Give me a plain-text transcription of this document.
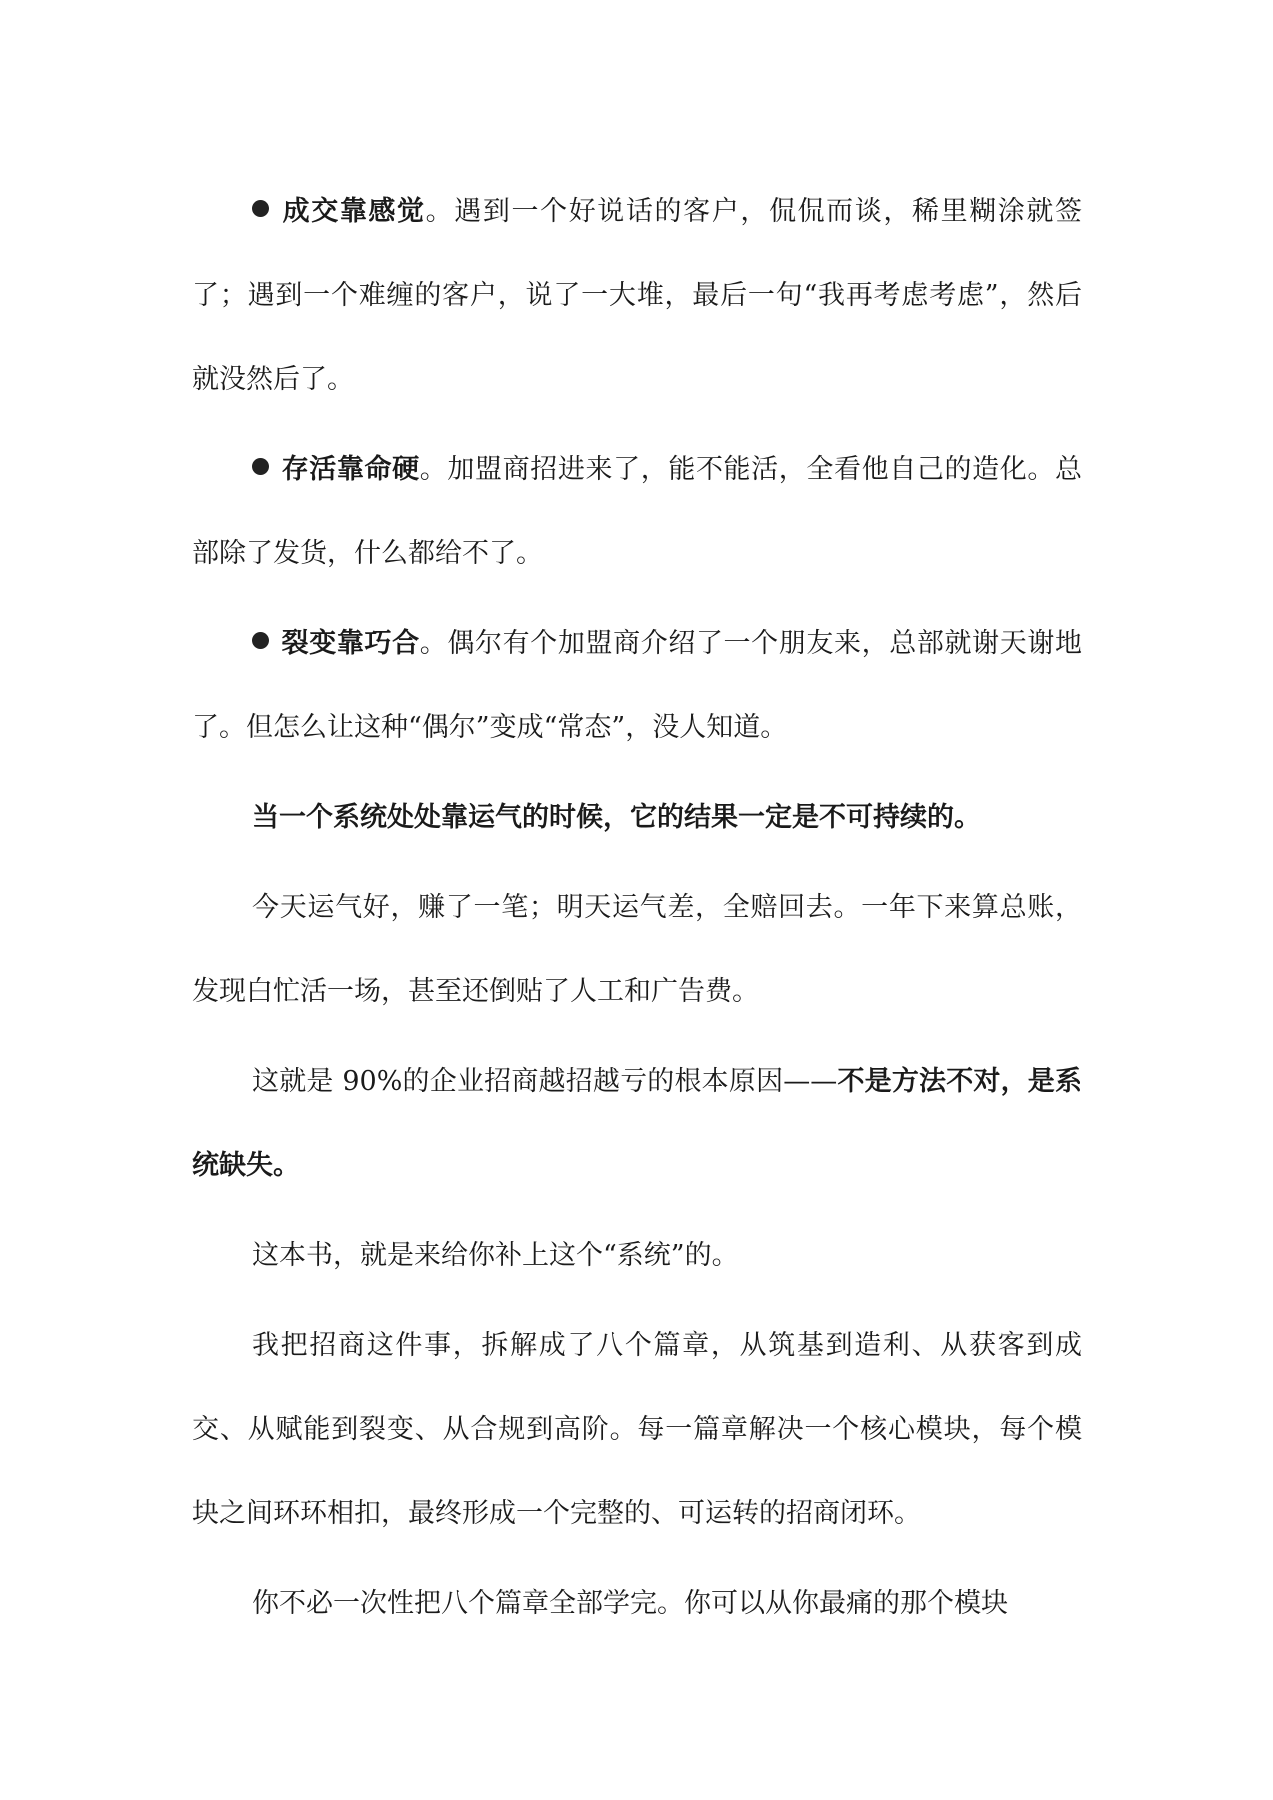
成交靠感觉。遇到一个好说话的客户，侃侃而谈，稀里糊涂就签了；遇到一个难缠的客户，说了一大堆，最后一句“我再考虑考虑”，然后就没然后了。

存活靠命硬。加盟商招进来了，能不能活，全看他自己的造化。总部除了发货，什么都给不了。

裂变靠巧合。偶尔有个加盟商介绍了一个朋友来，总部就谢天谢地了。但怎么让这种“偶尔”变成“常态”，没人知道。

当一个系统处处靠运气的时候，它的结果一定是不可持续的。

今天运气好，赚了一笔；明天运气差，全赔回去。一年下来算总账，发现白忙活一场，甚至还倒贴了人工和广告费。

这就是 90%的企业招商越招越亏的根本原因——不是方法不对，是系统缺失。

这本书，就是来给你补上这个“系统”的。

我把招商这件事，拆解成了八个篇章，从筑基到造利、从获客到成交、从赋能到裂变、从合规到高阶。每一篇章解决一个核心模块，每个模块之间环环相扣，最终形成一个完整的、可运转的招商闭环。

你不必一次性把八个篇章全部学完。你可以从你最痛的那个模块
